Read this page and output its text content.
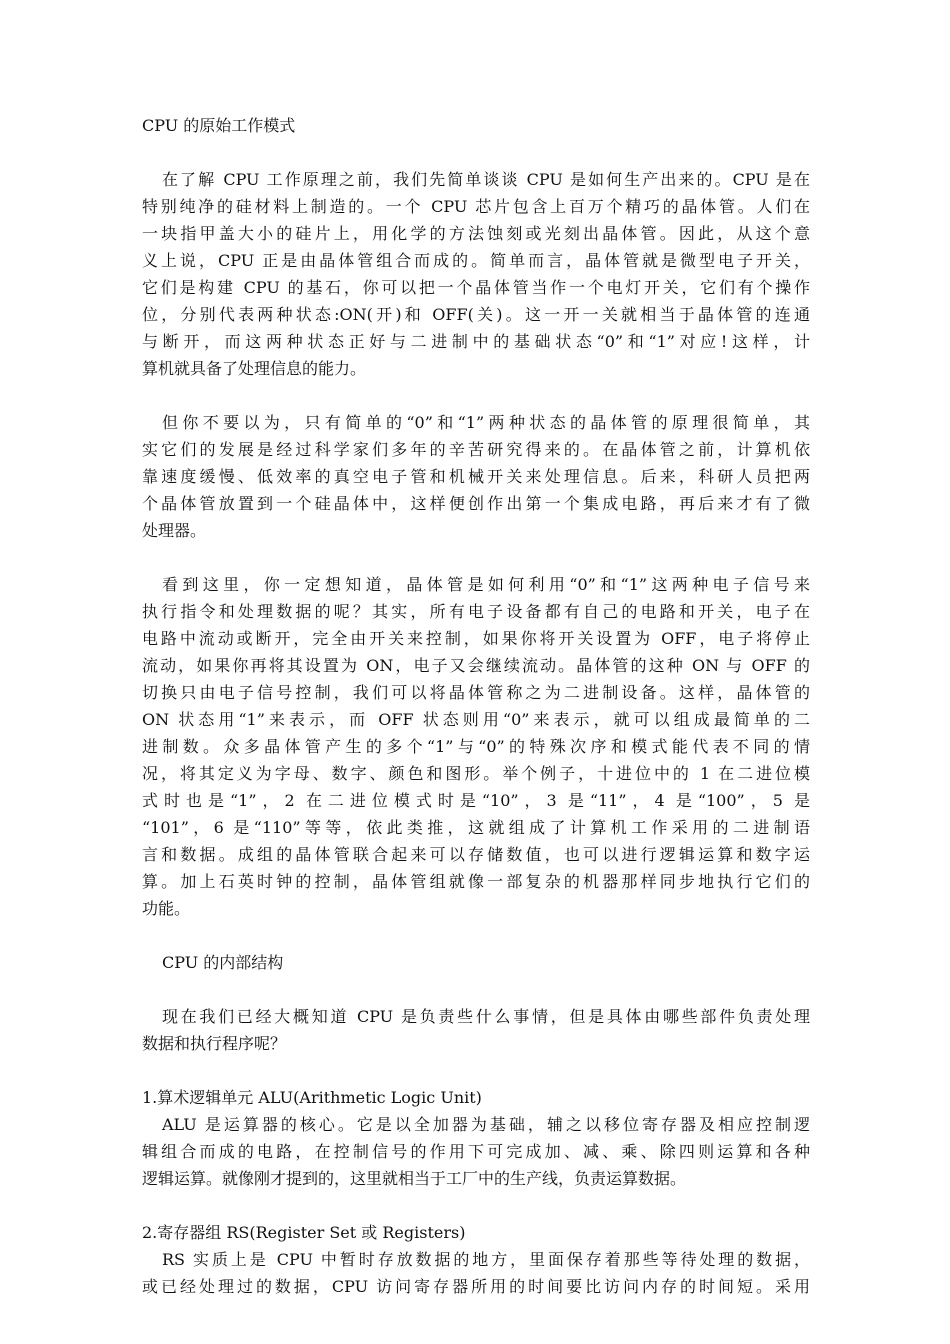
CPU 的原始工作模式
在了解 CPU 工作原理之前，我们先简单谈谈 CPU 是如何生产出来的。CPU 是在
特别纯净的硅材料上制造的。一个 CPU 芯片包含上百万个精巧的晶体管。人们在
一块指甲盖大小的硅片上，用化学的方法蚀刻或光刻出晶体管。因此，从这个意
义上说，CPU 正是由晶体管组合而成的。简单而言，晶体管就是微型电子开关，
它们是构建 CPU 的基石，你可以把一个晶体管当作一个电灯开关，它们有个操作
位，分别代表两种状态:ON(开)和 OFF(关)。这一开一关就相当于晶体管的连通
与断开，而这两种状态正好与二进制中的基础状态“0”和“1”对应!这样，计
算机就具备了处理信息的能力。
但你不要以为，只有简单的“0”和“1”两种状态的晶体管的原理很简单，其
实它们的发展是经过科学家们多年的辛苦研究得来的。在晶体管之前，计算机依
靠速度缓慢、低效率的真空电子管和机械开关来处理信息。后来，科研人员把两
个晶体管放置到一个硅晶体中，这样便创作出第一个集成电路，再后来才有了微
处理器。
看到这里，你一定想知道，晶体管是如何利用“0”和“1”这两种电子信号来
执行指令和处理数据的呢？其实，所有电子设备都有自己的电路和开关，电子在
电路中流动或断开，完全由开关来控制，如果你将开关设置为 OFF，电子将停止
流动，如果你再将其设置为 ON，电子又会继续流动。晶体管的这种 ON 与 OFF 的
切换只由电子信号控制，我们可以将晶体管称之为二进制设备。这样，晶体管的
ON 状态用“1”来表示，而 OFF 状态则用“0”来表示，就可以组成最简单的二
进制数。众多晶体管产生的多个“1”与“0”的特殊次序和模式能代表不同的情
况，将其定义为字母、数字、颜色和图形。举个例子，十进位中的 1 在二进位模
式时也是“1”，2 在二进位模式时是“10”，3 是“11”，4 是“100”，5 是
“101”，6 是“110”等等，依此类推，这就组成了计算机工作采用的二进制语
言和数据。成组的晶体管联合起来可以存储数值，也可以进行逻辑运算和数字运
算。加上石英时钟的控制，晶体管组就像一部复杂的机器那样同步地执行它们的
功能。
CPU 的内部结构
现在我们已经大概知道 CPU 是负责些什么事情，但是具体由哪些部件负责处理
数据和执行程序呢？
1.算术逻辑单元 ALU(Arithmetic Logic Unit)
ALU 是运算器的核心。它是以全加器为基础，辅之以移位寄存器及相应控制逻
辑组合而成的电路，在控制信号的作用下可完成加、减、乘、除四则运算和各种
逻辑运算。就像刚才提到的，这里就相当于工厂中的生产线，负责运算数据。
2.寄存器组 RS(Register Set 或 Registers)
RS 实质上是 CPU 中暂时存放数据的地方，里面保存着那些等待处理的数据，
或已经处理过的数据，CPU 访问寄存器所用的时间要比访问内存的时间短。采用
